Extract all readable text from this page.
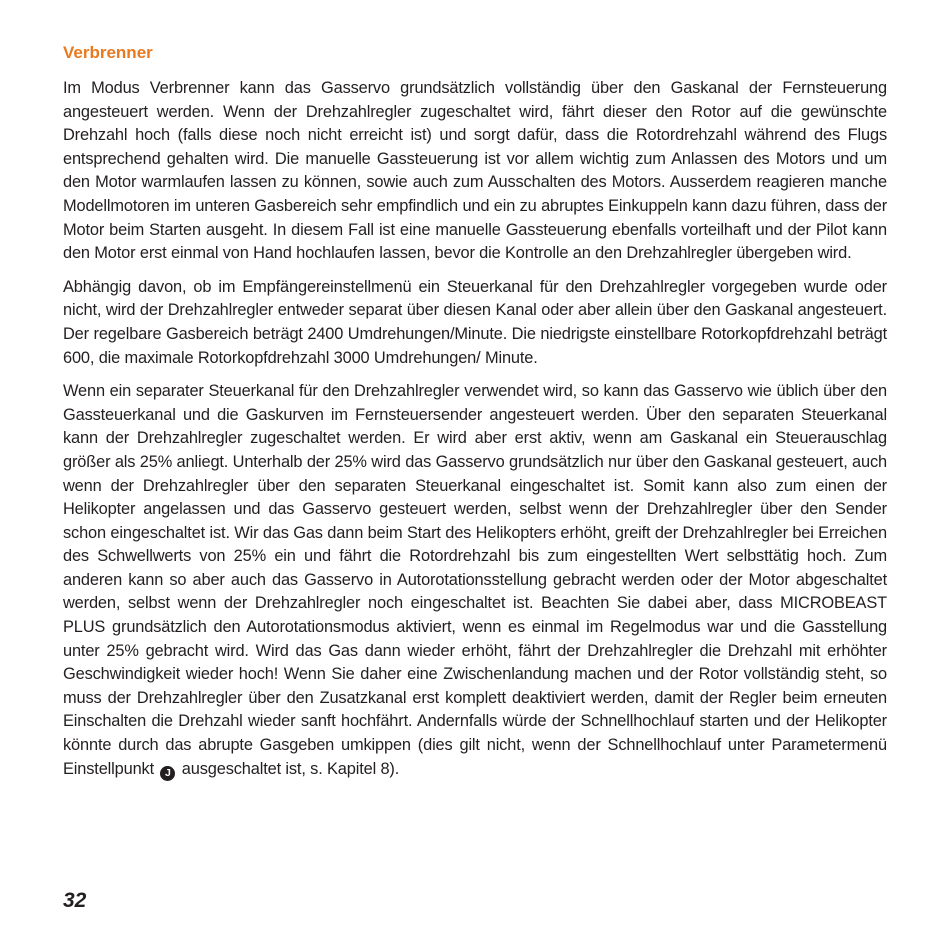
Verbrenner

Im Modus Verbrenner kann das Gasservo grundsätzlich vollständig über den Gaskanal der Fernsteuerung angesteuert werden. Wenn der Drehzahlregler zugeschaltet wird, fährt dieser den Rotor auf die gewünschte Drehzahl hoch (falls diese noch nicht erreicht ist) und sorgt dafür, dass die Rotordrehzahl während des Flugs entsprechend gehalten wird. Die manuelle Gassteuerung ist vor allem wichtig zum Anlassen des Motors und um den Motor warmlaufen lassen zu können, sowie auch zum Ausschalten des Motors. Ausserdem reagieren manche Modellmotoren im unteren Gasbereich sehr empfindlich und ein zu abruptes Einkuppeln kann dazu führen, dass der Motor beim Starten ausgeht. In diesem Fall ist eine manuelle Gassteuerung ebenfalls vorteilhaft und der Pilot kann den Motor erst einmal von Hand hochlaufen lassen, bevor die Kontrolle an den Drehzahlregler übergeben wird.

Abhängig davon, ob im Empfängereinstellmenü ein Steuerkanal für den Drehzahlregler vorgegeben wurde oder nicht, wird der Drehzahlregler entweder separat über diesen Kanal oder aber allein über den Gaskanal angesteuert. Der regelbare Gasbereich beträgt 2400 Umdrehungen/Minute. Die niedrigste einstellbare Rotorkopfdrehzahl beträgt 600, die maximale Rotorkopfdrehzahl 3000 Umdrehungen/ Minute.

Wenn ein separater Steuerkanal für den Drehzahlregler verwendet wird, so kann das Gasservo wie üblich über den Gassteuerkanal und die Gaskurven im Fernsteuersender angesteuert werden. Über den separaten Steuerkanal kann der Drehzahlregler zugeschaltet werden. Er wird aber erst aktiv, wenn am Gaskanal ein Steuerauschlag größer als 25% anliegt. Unterhalb der 25% wird das Gasservo grundsätzlich nur über den Gaskanal gesteuert, auch wenn der Drehzahlregler über den separaten Steuerkanal eingeschaltet ist. Somit kann also zum einen der Helikopter angelassen und das Gasservo gesteuert werden, selbst wenn der Drehzahlregler über den Sender schon eingeschaltet ist. Wir das Gas dann beim Start des Helikopters erhöht, greift der Drehzahlregler bei Erreichen des Schwellwerts von 25% ein und fährt die Rotordrehzahl bis zum eingestellten Wert selbsttätig hoch. Zum anderen kann so aber auch das Gasservo in Autorotationsstellung gebracht werden oder der Motor abgeschaltet werden, selbst wenn der Drehzahlregler noch eingeschaltet ist. Beachten Sie dabei aber, dass MICROBEAST PLUS grundsätzlich den Autorotationsmodus aktiviert, wenn es einmal im Regelmodus war und die Gasstellung unter 25% gebracht wird. Wird das Gas dann wieder erhöht, fährt der Drehzahlregler die Drehzahl mit erhöhter Geschwindigkeit wieder hoch! Wenn Sie daher eine Zwischenlandung machen und der Rotor vollständig steht, so muss der Drehzahlregler über den Zusatzkanal erst komplett deaktiviert werden, damit der Regler beim erneuten Einschalten die Drehzahl wieder sanft hochfährt. Andernfalls würde der Schnellhochlauf starten und der Helikopter könnte durch das abrupte Gasgeben umkippen (dies gilt nicht, wenn der Schnellhochlauf unter Parametermenü Einstellpunkt J ausgeschaltet ist, s. Kapitel 8).

32
